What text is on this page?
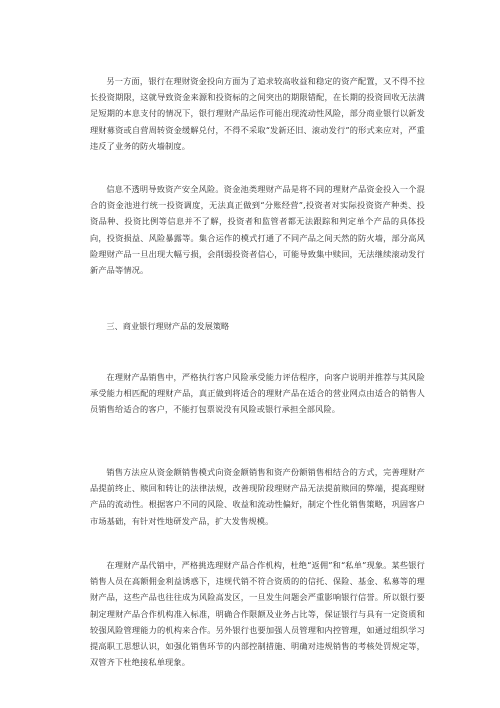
另一方面，银行在理财资金投向方面为了追求较高收益和稳定的资产配置，又不得不拉长投资期限，这就导致资金来源和投资标的之间突出的期限错配，在长期的投资回收无法满足短期的本息支付的情况下，银行理财产品运作可能出现流动性风险，部分商业银行以新发理财募资或自营周转资金缓解兑付，不得不采取“发新还旧、滚动发行”的形式来应对，严重违反了业务的防火墙制度。

信息不透明导致资产安全风险。资金池类理财产品是将不同的理财产品资金投入一个混合的资金池进行统一投资调度，无法真正做到“分账经营”,投资者对实际投资资产种类、投资品种、投资比例等信息并不了解，投资者和监管者都无法跟踪和判定单个产品的具体投向，投资损益、风险暴露等。集合运作的模式打通了不同产品之间天然的防火墙，部分高风险理财产品一旦出现大幅亏损，会削弱投资者信心，可能导致集中赎回，无法继续滚动发行新产品等情况。

三、商业银行理财产品的发展策略

在理财产品销售中，严格执行客户风险承受能力评估程序，向客户说明并推荐与其风险承受能力相匹配的理财产品，真正做到将适合的理财产品在适合的营业网点由适合的销售人员销售给适合的客户，不能打包票说没有风险或银行承担全部风险。

销售方法应从资金额销售模式向资金额销售和资产份额销售相结合的方式，完善理财产品提前终止、赎回和转让的法律法规，改善现阶段理财产品无法提前赎回的弊端，提高理财产品的流动性。根据客户不同的风险、收益和流动性偏好，制定个性化销售策略，巩固客户市场基础，有针对性地研发产品，扩大发售规模。

在理财产品代销中，严格挑选理财产品合作机构，杜绝“返佣”和“私单”现象。某些银行销售人员在高额佣金利益诱惑下，违规代销不符合资质的的信托、保险、基金、私募等的理财产品，这些产品也往往成为风险高发区，一旦发生问题会严重影响银行信誉。所以银行要制定理财产品合作机构准入标准，明确合作限额及业务占比等，保证银行与具有一定资质和较强风险管理能力的机构来合作。另外银行也要加强人员管理和内控管理，如通过组织学习提高职工思想认识，如强化销售环节的内部控制措施、明确对违规销售的考核处罚规定等，双管齐下杜绝接私单现象。
